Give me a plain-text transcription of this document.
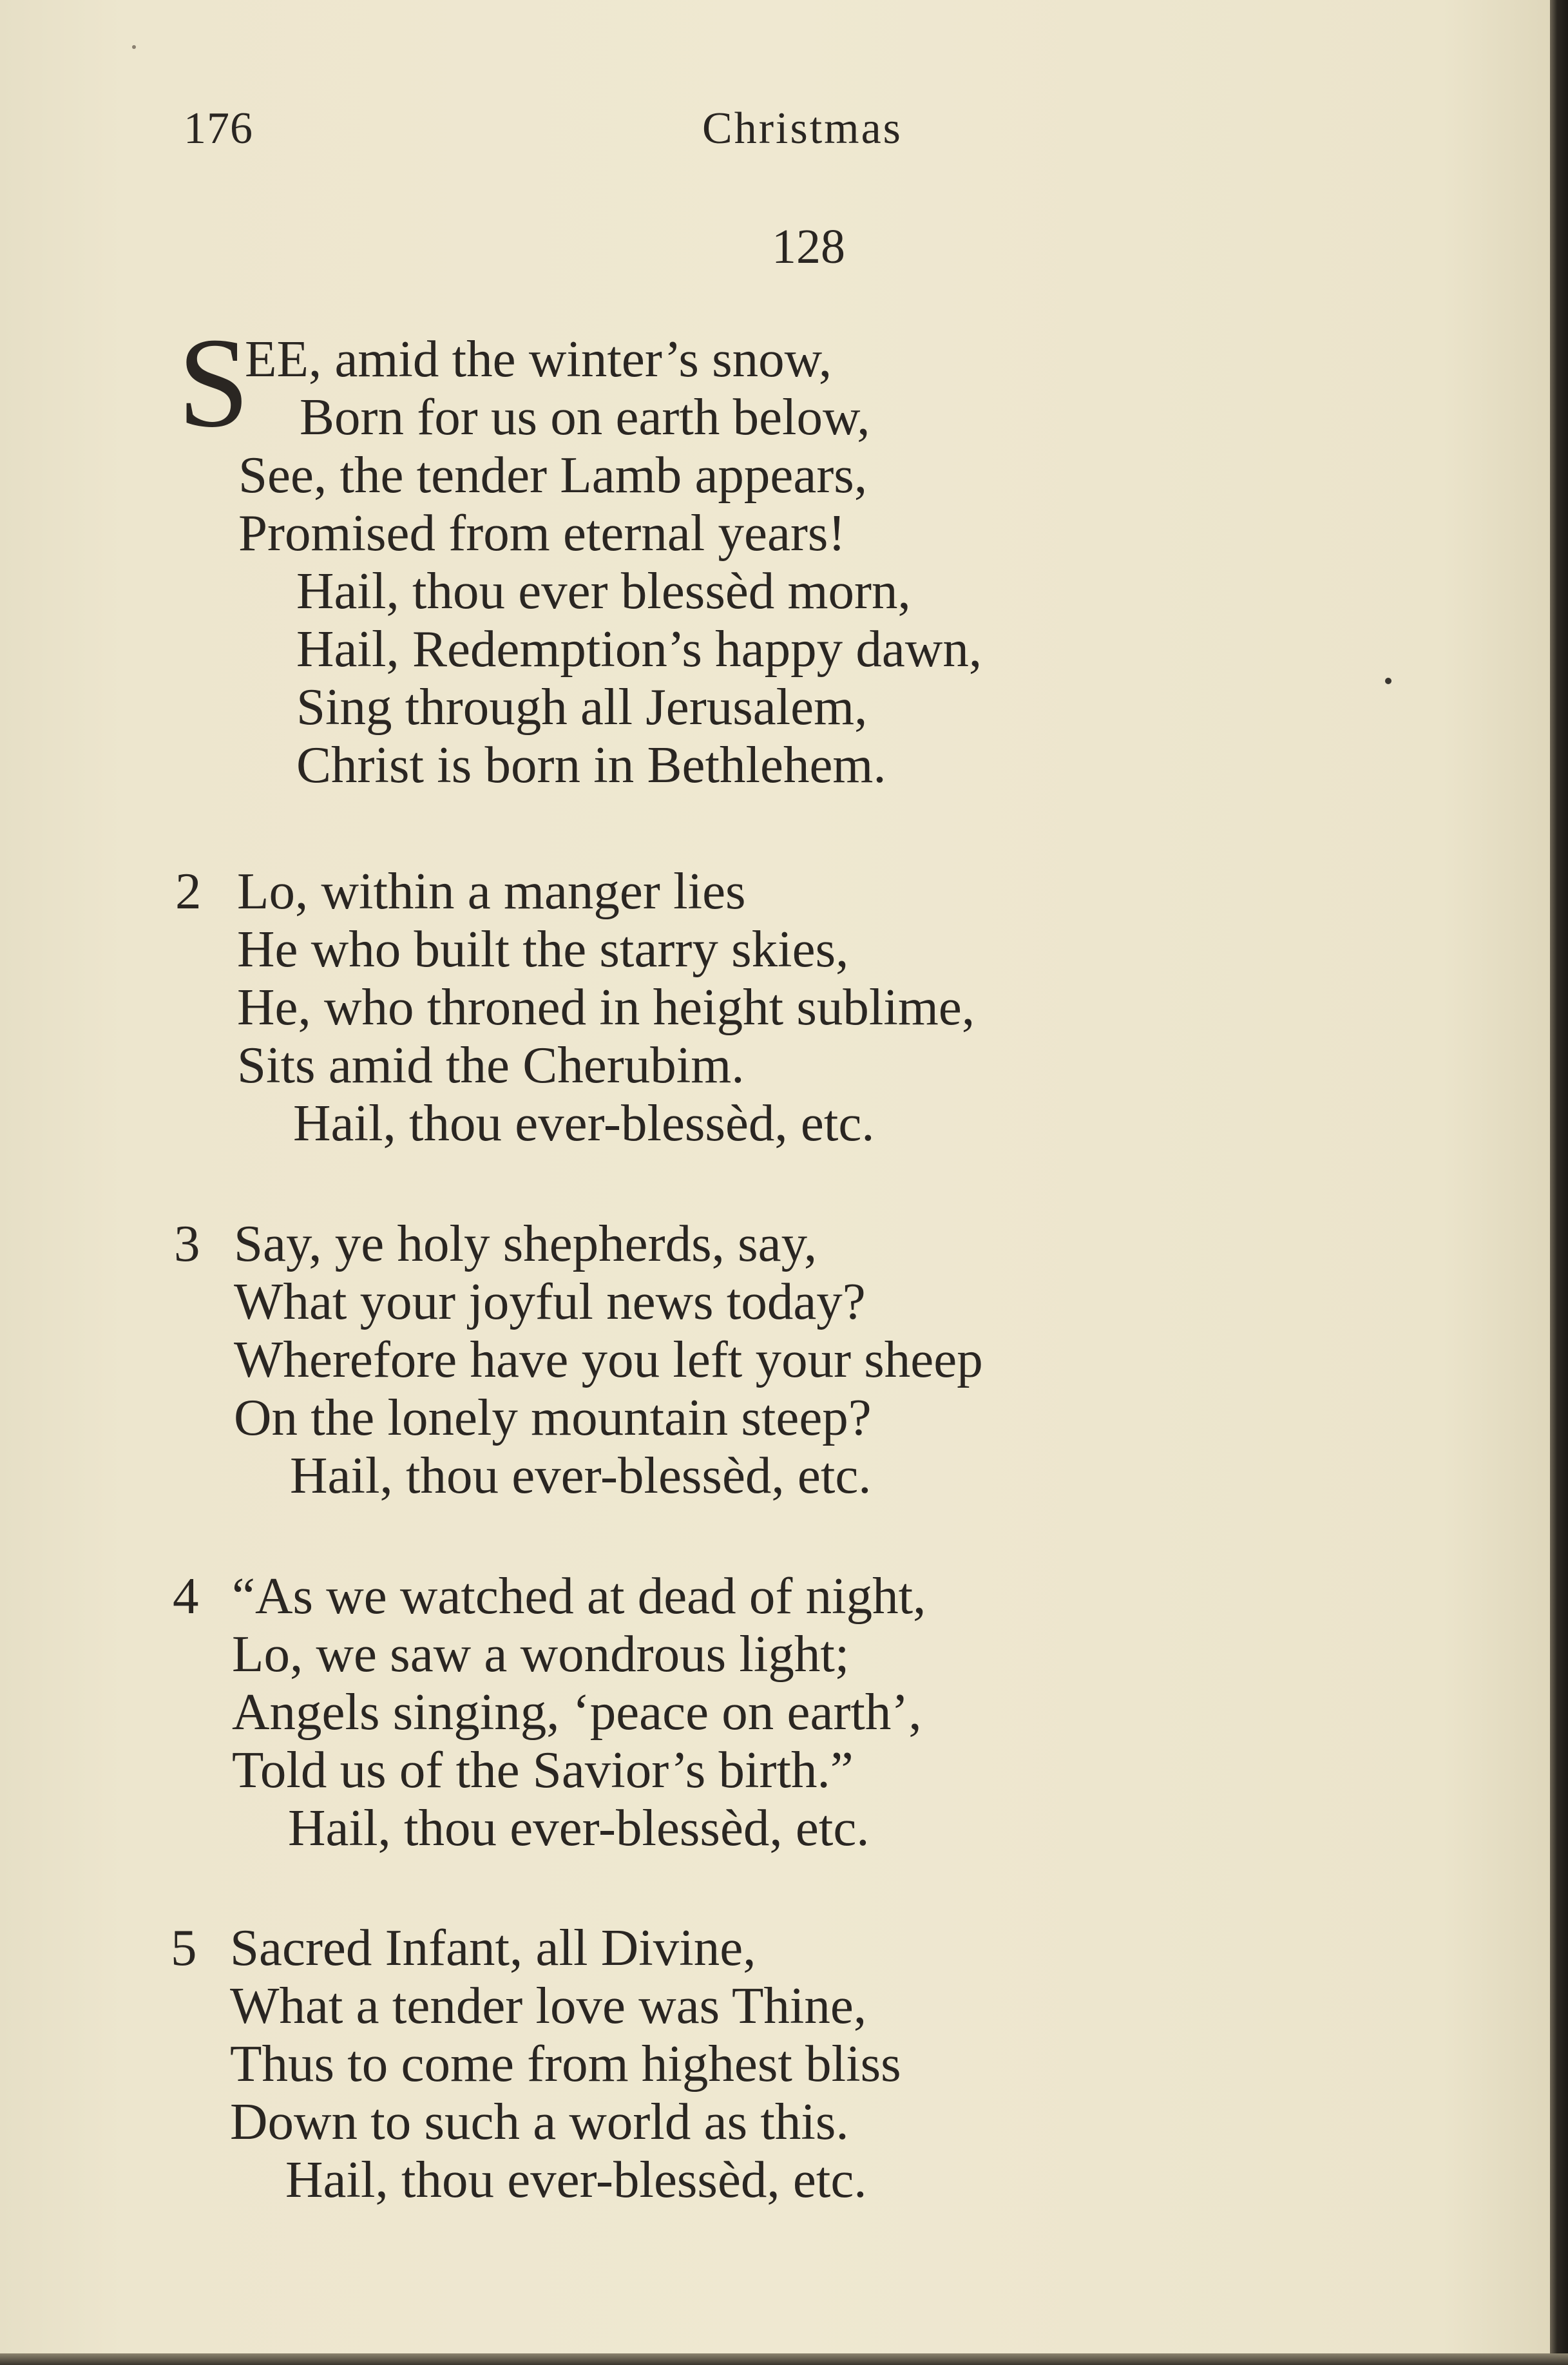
176	Christmas
128
S
EE, amid the winter’s snow,
Born for us on earth below,
See, the tender Lamb appears,
Promised from eternal years!
Hail, thou ever blessèd morn,
Hail, Redemption’s happy dawn,
Sing through all Jerusalem,
Christ is born in Bethlehem.
2 Lo, within a manger lies
He who built the starry skies,
He, who throned in height sublime,
Sits amid the Cherubim.
Hail, thou ever-blessèd, etc.
3 Say, ye holy shepherds, say,
What your joyful news today?
Wherefore have you left your sheep
On the lonely mountain steep?
Hail, thou ever-blessèd, etc.
4 “As we watched at dead of night,
Lo, we saw a wondrous light;
Angels singing, ‘peace on earth’,
Told us of the Savior’s birth.”
Hail, thou ever-blessèd, etc.
5 Sacred Infant, all Divine,
What a tender love was Thine,
Thus to come from highest bliss
Down to such a world as this.
Hail, thou ever-blessèd, etc.
